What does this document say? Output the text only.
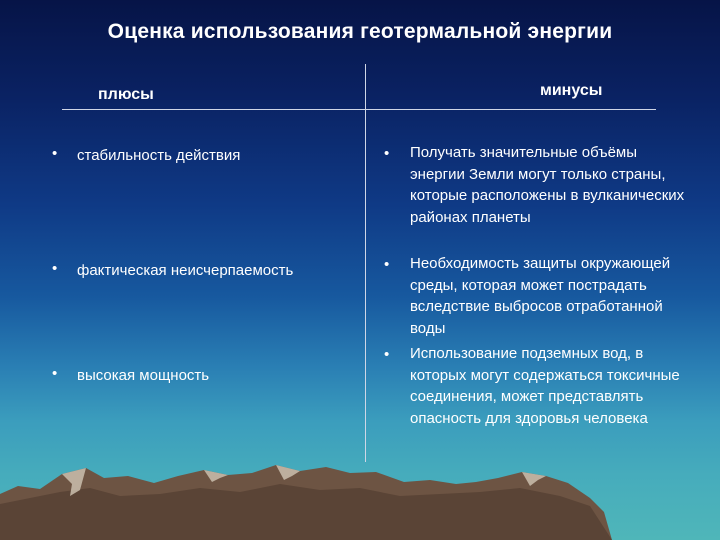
Оценка использования геотермальной энергии
плюсы	минусы
• стабильность действия
• фактическая неисчерпаемость
• высокая мощность
• Получать значительные объёмы энергии Земли могут только страны, которые расположены в вулканических районах планеты
• Необходимость защиты окружающей среды, которая может пострадать вследствие выбросов отработанной воды
• Использование подземных вод, в которых могут содержаться токсичные соединения, может представлять опасность для здоровья человека
